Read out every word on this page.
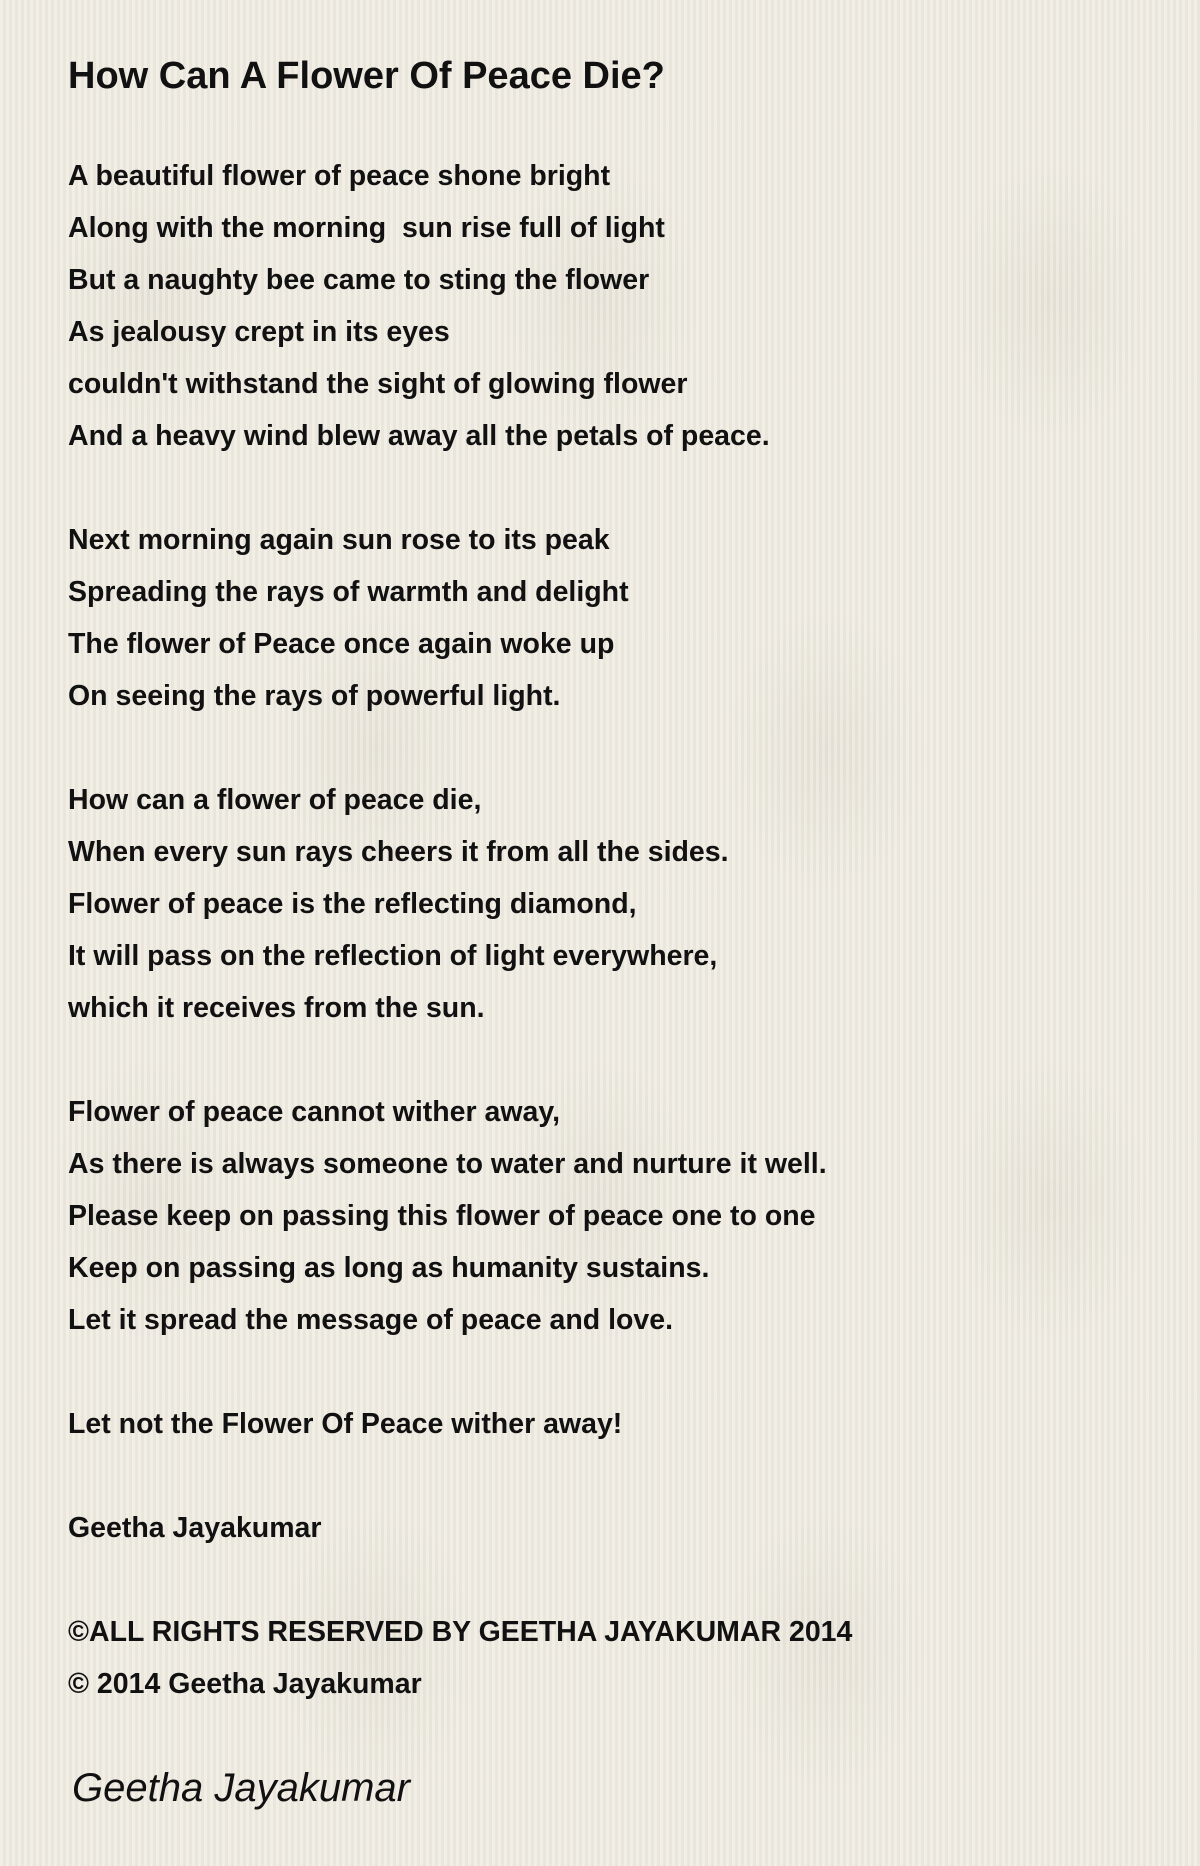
How Can A Flower Of Peace Die?
A beautiful flower of peace shone bright
Along with the morning  sun rise full of light
But a naughty bee came to sting the flower
As jealousy crept in its eyes
couldn't withstand the sight of glowing flower
And a heavy wind blew away all the petals of peace.
Next morning again sun rose to its peak
Spreading the rays of warmth and delight
The flower of Peace once again woke up
On seeing the rays of powerful light.
How can a flower of peace die,
When every sun rays cheers it from all the sides.
Flower of peace is the reflecting diamond,
It will pass on the reflection of light everywhere,
which it receives from the sun.
Flower of peace cannot wither away,
As there is always someone to water and nurture it well.
Please keep on passing this flower of peace one to one
Keep on passing as long as humanity sustains.
Let it spread the message of peace and love.
Let not the Flower Of Peace wither away!
Geetha Jayakumar
©ALL RIGHTS RESERVED BY GEETHA JAYAKUMAR 2014
© 2014 Geetha Jayakumar
Geetha Jayakumar
